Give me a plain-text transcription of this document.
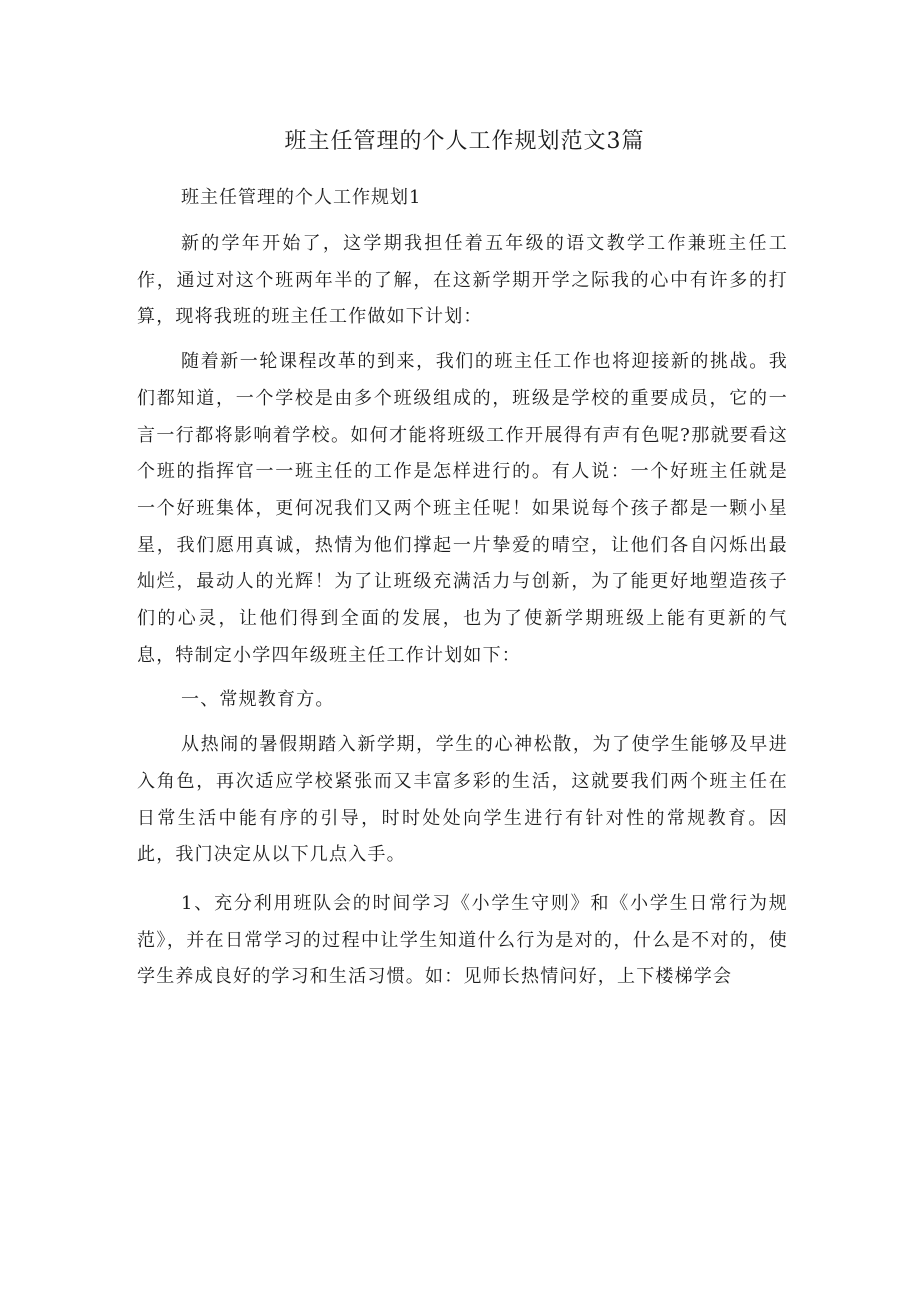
班主任管理的个人工作规划范文3篇

班主任管理的个人工作规划1

新的学年开始了，这学期我担任着五年级的语文教学工作兼班主任工作，通过对这个班两年半的了解，在这新学期开学之际我的心中有许多的打算，现将我班的班主任工作做如下计划：

随着新一轮课程改革的到来，我们的班主任工作也将迎接新的挑战。我们都知道，一个学校是由多个班级组成的，班级是学校的重要成员，它的一言一行都将影响着学校。如何才能将班级工作开展得有声有色呢?那就要看这个班的指挥官一一班主任的工作是怎样进行的。有人说：一个好班主任就是一个好班集体，更何况我们又两个班主任呢！如果说每个孩子都是一颗小星星，我们愿用真诚，热情为他们撑起一片挚爱的晴空，让他们各自闪烁出最灿烂，最动人的光辉！为了让班级充满活力与创新，为了能更好地塑造孩子们的心灵，让他们得到全面的发展，也为了使新学期班级上能有更新的气息，特制定小学四年级班主任工作计划如下：

一、常规教育方。

从热闹的暑假期踏入新学期，学生的心神松散，为了使学生能够及早进入角色，再次适应学校紧张而又丰富多彩的生活，这就要我们两个班主任在日常生活中能有序的引导，时时处处向学生进行有针对性的常规教育。因此，我门决定从以下几点入手。

1、充分利用班队会的时间学习《小学生守则》和《小学生日常行为规范》，并在日常学习的过程中让学生知道什么行为是对的，什么是不对的，使学生养成良好的学习和生活习惯。如：见师长热情问好，上下楼梯学会
